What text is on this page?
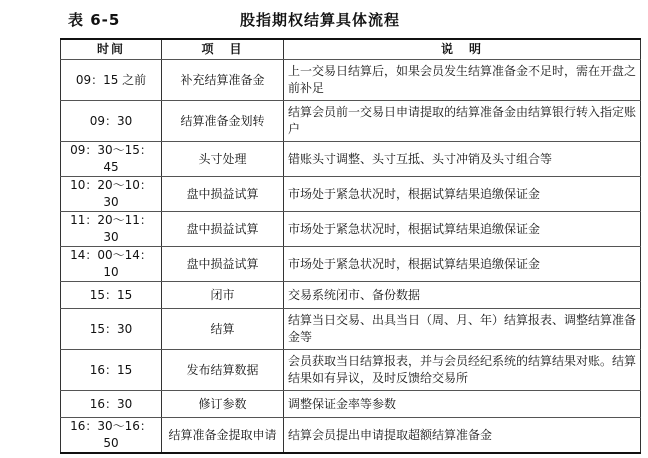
表 6-5	股指期权结算具体流程
时间	项　目	说　明
09：15 之前	补充结算准备金	上一交易日结算后，如果会员发生结算准备金不足时，需在开盘之前补足
09：30	结算准备金划转	结算会员前一交易日申请提取的结算准备金由结算银行转入指定账户
09：30～15：45	头寸处理	错账头寸调整、头寸互抵、头寸冲销及头寸组合等
10：20～10：30	盘中损益试算	市场处于紧急状况时，根据试算结果追缴保证金
11：20～11：30	盘中损益试算	市场处于紧急状况时，根据试算结果追缴保证金
14：00～14：10	盘中损益试算	市场处于紧急状况时，根据试算结果追缴保证金
15：15	闭市	交易系统闭市、备份数据
15：30	结算	结算当日交易、出具当日（周、月、年）结算报表、调整结算准备金等
16：15	发布结算数据	会员获取当日结算报表，并与会员经纪系统的结算结果对账。结算结果如有异议，及时反馈给交易所
16：30	修订参数	调整保证金率等参数
16：30～16：50	结算准备金提取申请	结算会员提出申请提取超额结算准备金
